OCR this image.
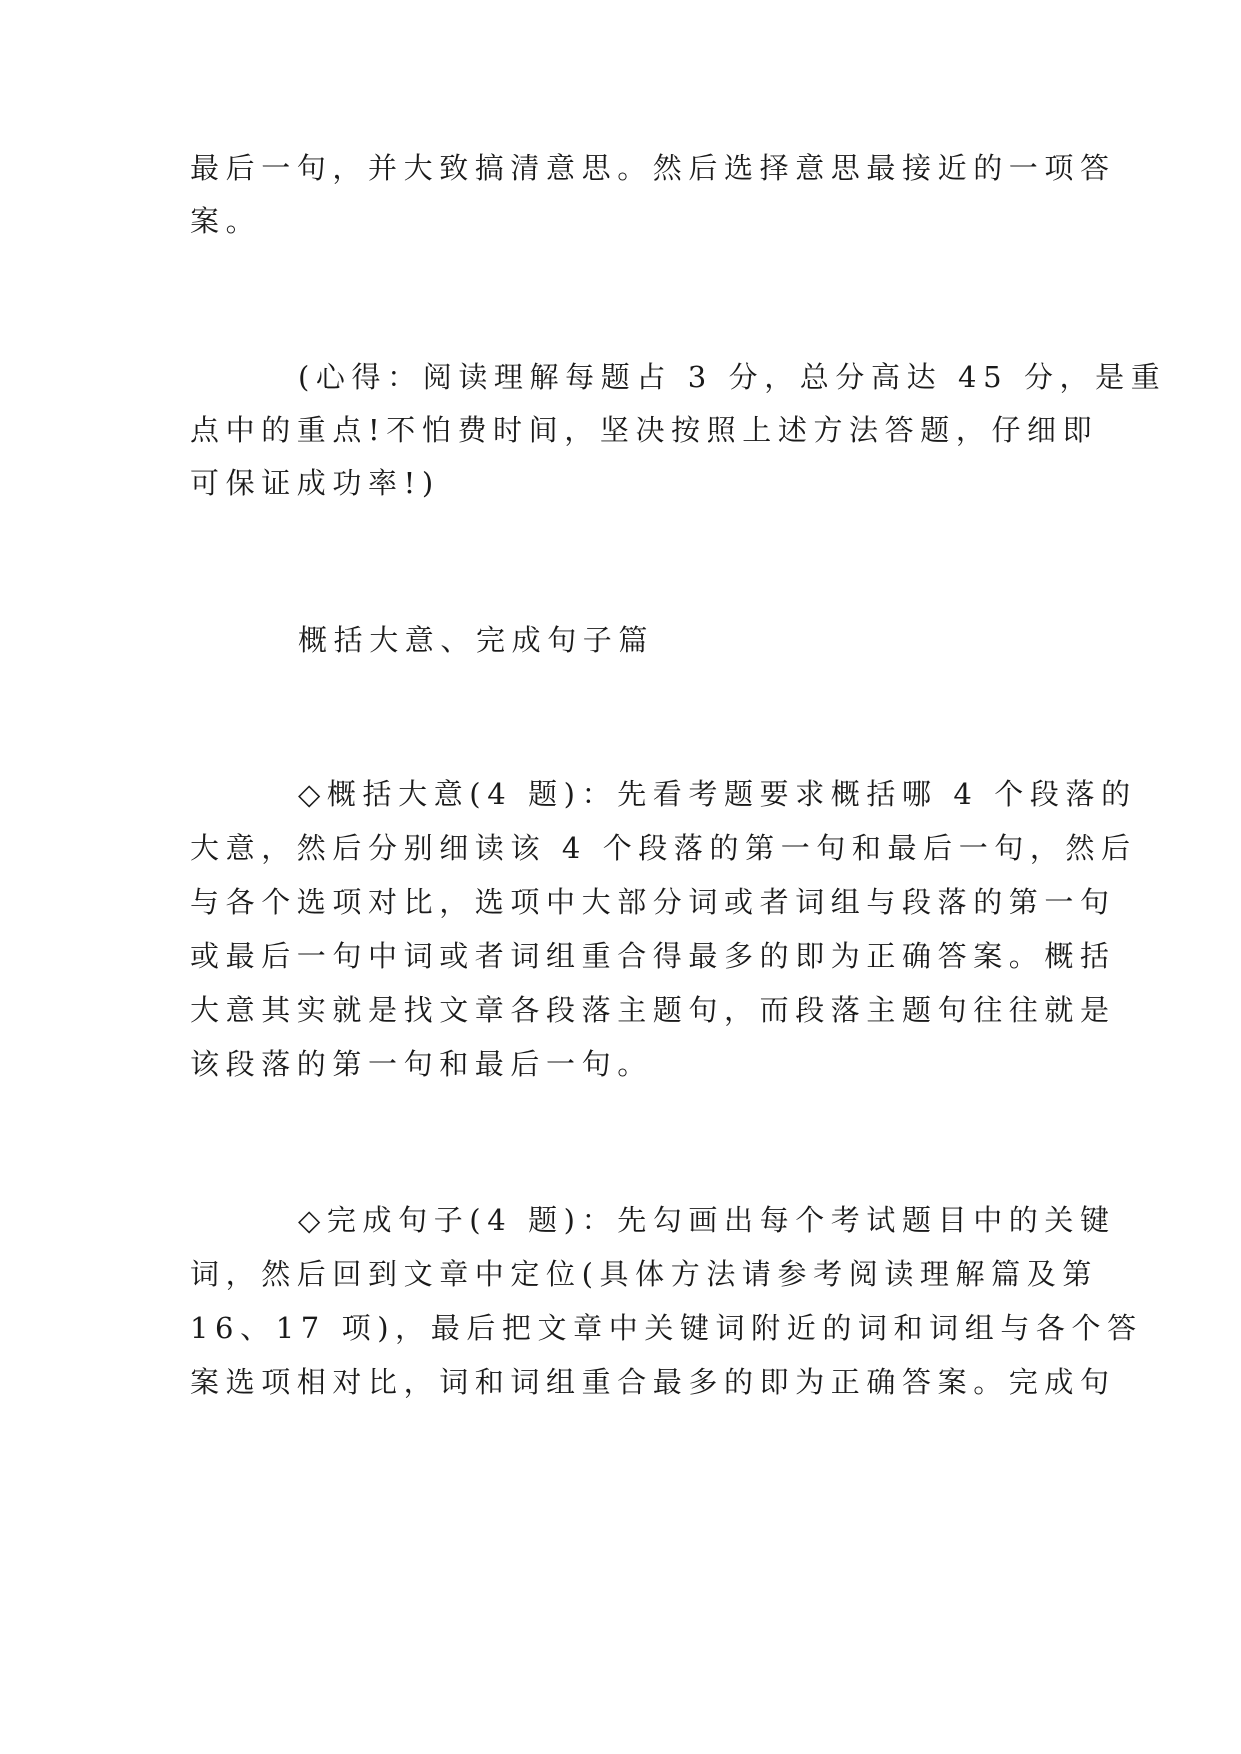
最后一句，并大致搞清意思。然后选择意思最接近的一项答
案。
(心得：阅读理解每题占 3 分，总分高达 45 分，是重
点中的重点!不怕费时间，坚决按照上述方法答题，仔细即
可保证成功率!)
概括大意、完成句子篇
◇概括大意(4 题)：先看考题要求概括哪 4 个段落的
大意，然后分别细读该 4 个段落的第一句和最后一句，然后
与各个选项对比，选项中大部分词或者词组与段落的第一句
或最后一句中词或者词组重合得最多的即为正确答案。概括
大意其实就是找文章各段落主题句，而段落主题句往往就是
该段落的第一句和最后一句。
◇完成句子(4 题)：先勾画出每个考试题目中的关键
词，然后回到文章中定位(具体方法请参考阅读理解篇及第
16、17 项)，最后把文章中关键词附近的词和词组与各个答
案选项相对比，词和词组重合最多的即为正确答案。完成句
